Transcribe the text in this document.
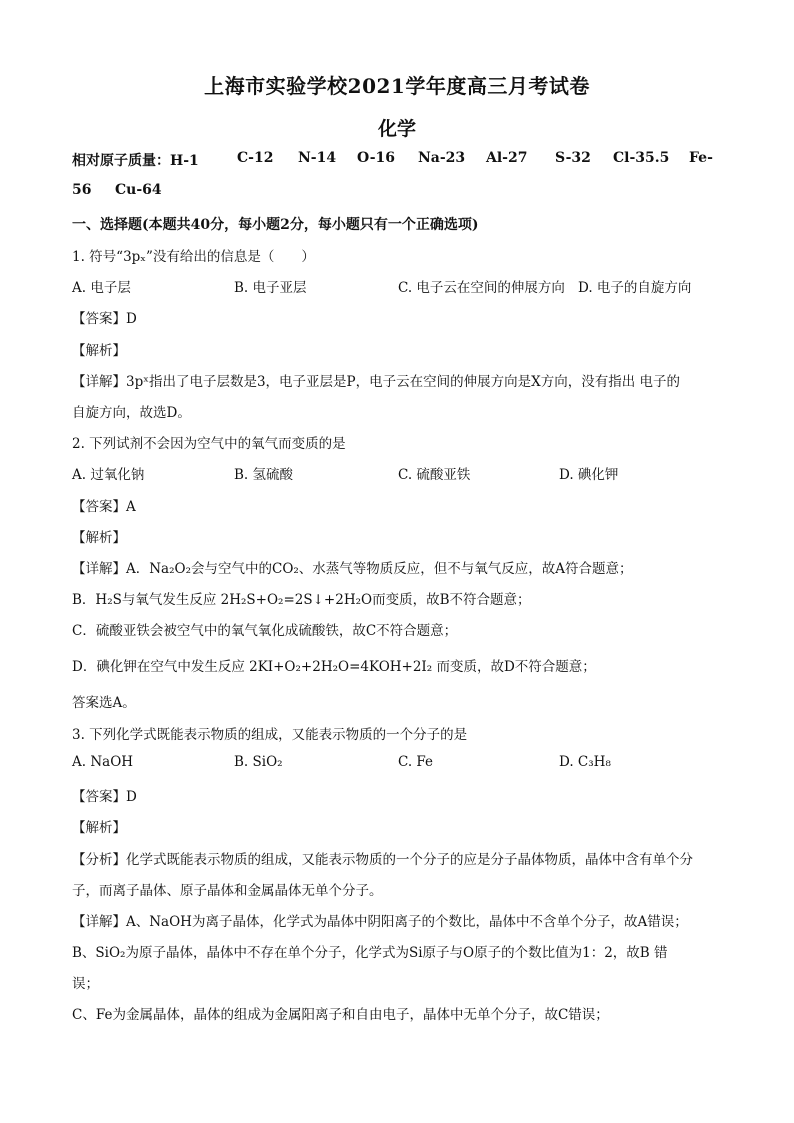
上海市实验学校2021学年度高三月考试卷
化学
相对原子质量：H-1	C-12 N-14 O-16 Na-23 Al-27 S-32 Cl-35.5 Fe-
56 Cu-64
一、选择题(本题共40分，每小题2分，每小题只有一个正确选项)
1. 符号“3pₓ”没有给出的信息是（　　）
A. 电子层	B. 电子亚层	C. 电子云在空间的伸展方向 D. 电子的自旋方向
【答案】D
【解析】
【详解】3pˣ指出了电子层数是3，电子亚层是P，电子云在空间的伸展方向是X方向，没有指出 电子的
自旋方向，故选D。
2. 下列试剂不会因为空气中的氧气而变质的是
A. 过氧化钠	B. 氢硫酸	C. 硫酸亚铁	D. 碘化钾
【答案】A
【解析】
【详解】A．Na₂O₂会与空气中的CO₂、水蒸气等物质反应，但不与氧气反应，故A符合题意；
B．H₂S与氧气发生反应 2H₂S+O₂=2S↓+2H₂O而变质，故B不符合题意；
C．硫酸亚铁会被空气中的氧气氧化成硫酸铁，故C不符合题意；
D．碘化钾在空气中发生反应 2KI+O₂+2H₂O=4KOH+2I₂ 而变质，故D不符合题意；
答案选A。
3. 下列化学式既能表示物质的组成，又能表示物质的一个分子的是
A. NaOH	B. SiO₂	C. Fe	D. C₃H₈
【答案】D
【解析】
【分析】化学式既能表示物质的组成，又能表示物质的一个分子的应是分子晶体物质，晶体中含有单个分
子，而离子晶体、原子晶体和金属晶体无单个分子。
【详解】A、NaOH为离子晶体，化学式为晶体中阴阳离子的个数比，晶体中不含单个分子，故A错误；
B、SiO₂为原子晶体，晶体中不存在单个分子，化学式为Si原子与O原子的个数比值为1：2，故B 错
误；
C、Fe为金属晶体，晶体的组成为金属阳离子和自由电子，晶体中无单个分子，故C错误；
